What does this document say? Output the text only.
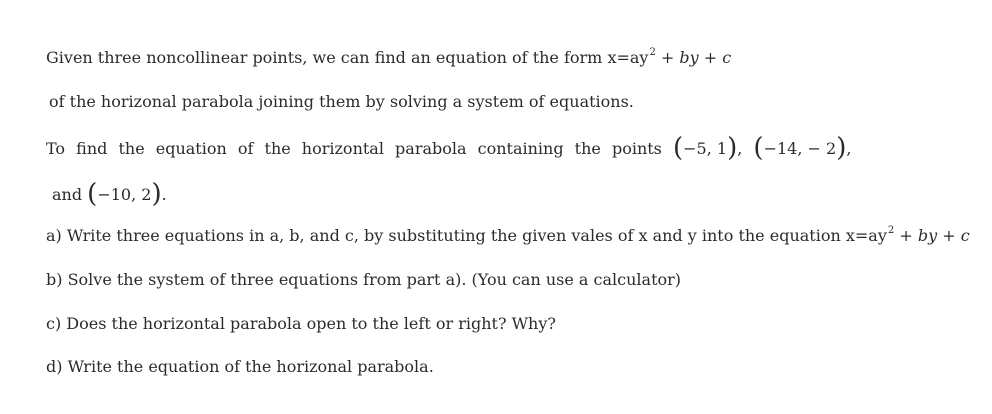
Given three noncollinear points, we can find an equation of the form $x=ay^2$ + by + c
of the horizonal parabola joining them by solving a system of equations.
To find the equation of the horizontal parabola containing the points (−5, 1), (−14, − 2),
and (−10, 2).
a) Write three equations in a, b, and c, by substituting the given vales of x and y into the equation $x=ay^2$ + by + c
b) Solve the system of three equations from part a). (You can use a calculator)
c) Does the horizontal parabola open to the left or right? Why?
d) Write the equation of the horizonal parabola.
